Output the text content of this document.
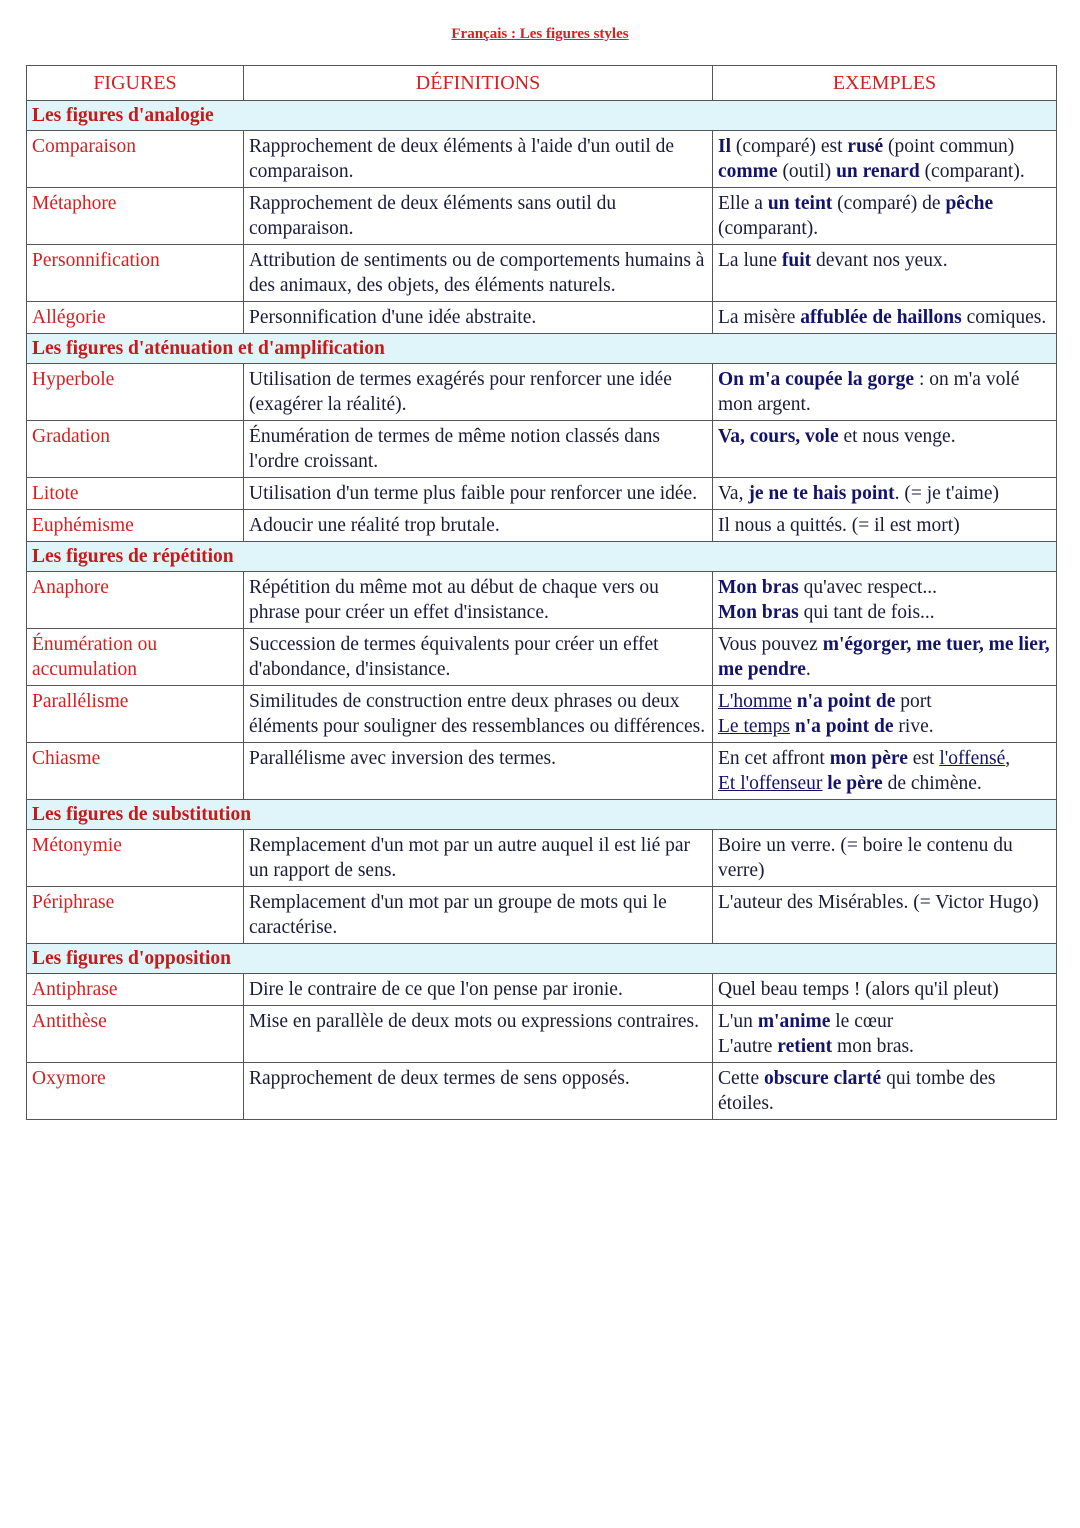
Français : Les figures styles
FIGURES	DÉFINITIONS	EXEMPLES
Les figures d'analogie		
Comparaison	Rapprochement de deux éléments à l'aide d'un outil de comparaison.	Il (comparé) est rusé (point commun) comme (outil) un renard (comparant).
Métaphore	Rapprochement de deux éléments sans outil du comparaison.	Elle a un teint (comparé) de pêche (comparant).
Personnification	Attribution de sentiments ou de comportements humains à des animaux, des objets, des éléments naturels.	La lune fuit devant nos yeux.
Allégorie	Personnification d'une idée abstraite.	La misère affublée de haillons comiques.
Les figures d'aténuation et d'amplification		
Hyperbole	Utilisation de termes exagérés pour renforcer une idée (exagérer la réalité).	On m'a coupée la gorge : on m'a volé mon argent.
Gradation	Énumération de termes de même notion classés dans l'ordre croissant.	Va, cours, vole et nous venge.
Litote	Utilisation d'un terme plus faible pour renforcer une idée.	Va, je ne te hais point. (= je t'aime)
Euphémisme	Adoucir une réalité trop brutale.	Il nous a quittés. (= il est mort)
Les figures de répétition		
Anaphore	Répétition du même mot au début de chaque vers ou phrase pour créer un effet d'insistance.	Mon bras qu'avec respect...
Mon bras qui tant de fois...
Énumération ou accumulation	Succession de termes équivalents pour créer un effet d'abondance, d'insistance.	Vous pouvez m'égorger, me tuer, me lier, me pendre.
Parallélisme	Similitudes de construction entre deux phrases ou deux éléments pour souligner des ressemblances ou différences.	L'homme n'a point de port
Le temps n'a point de rive.
Chiasme	Parallélisme avec inversion des termes.	En cet affront mon père est l'offensé,
Et l'offenseur le père de chimène.
Les figures de substitution		
Métonymie	Remplacement d'un mot par un autre auquel il est lié par un rapport de sens.	Boire un verre. (= boire le contenu du verre)
Périphrase	Remplacement d'un mot par un groupe de mots qui le caractérise.	L'auteur des Misérables. (= Victor Hugo)
Les figures d'opposition		
Antiphrase	Dire le contraire de ce que l'on pense par ironie.	Quel beau temps ! (alors qu'il pleut)
Antithèse	Mise en parallèle de deux mots ou expressions contraires.	L'un m'anime le cœur
L'autre retient mon bras.
Oxymore	Rapprochement de deux termes de sens opposés.	Cette obscure clarté qui tombe des étoiles.
